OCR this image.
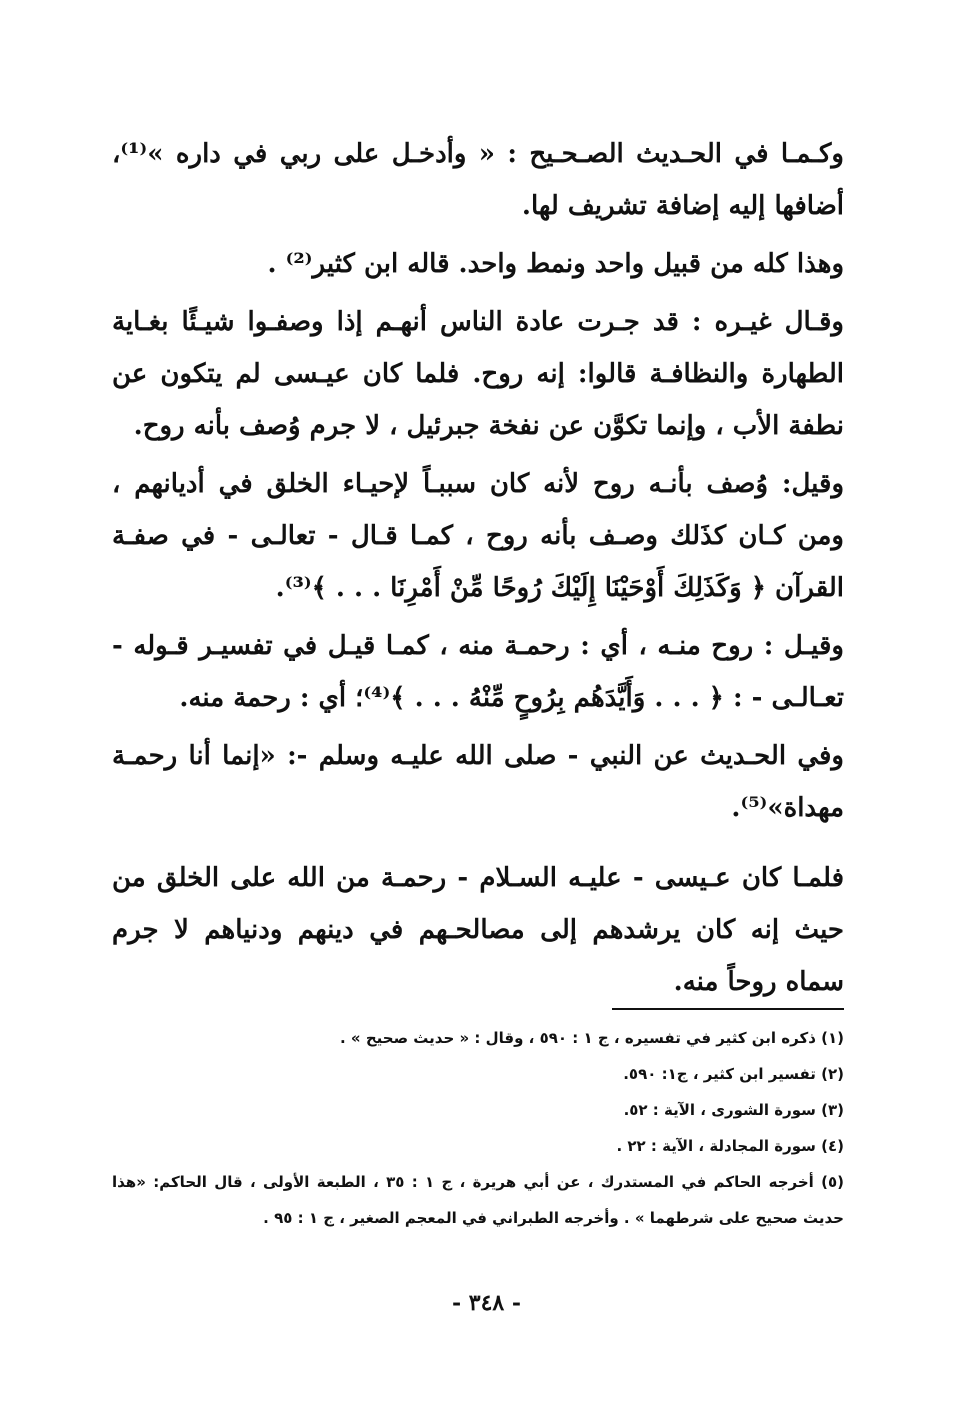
وكـمـا في الحـديث الصـحـيح : « وأدخـل على ربي في داره »⁽¹⁾، أضافها إليه إضافة تشريف لها.

وهذا كله من قبيل واحد ونمط واحد. قاله ابن كثير⁽²⁾ .

وقـال غيـره : قد جـرت عادة الناس أنهـم إذا وصفـوا شيـئًا بغـاية الطهارة والنظافـة قالوا: إنه روح. فلما كان عيـسى لم يتكون عن نطفة الأب ، وإنما تكوَّن عن نفخة جبرئيل ، لا جرم وُصف بأنه روح.

وقيل: وُصف بأنـه روح لأنه كان سببـاً لإحيـاء الخلق في أديانهم ، ومن كـان كذَلك وصـف بأنه روح ، كمـا قـال - تعالـى - في صفـة القرآن ﴿ وَكَذَلِكَ أَوْحَيْنَا إِلَيْكَ رُوحًا مِّنْ أَمْرِنَا . . . ﴾⁽³⁾.

وقيـل : روح منـه ، أي : رحمـة منه ، كمـا قيـل في تفسيـر قـوله - تعـالـى - : ﴿ . . . وَأَيَّدَهُم بِرُوحٍ مِّنْهُ . . . ﴾⁽⁴⁾؛ أي : رحمة منه.

وفي الحـديث عن النبي - صلى الله عليـه وسلم -: «إنما أنا رحمـة مهداة»⁽⁵⁾.

فلمـا كان عـيسى - عليـه السـلام - رحمـة من الله على الخلق من حيث إنه كان يرشدهم إلى مصالحـهم في دينهم ودنياهم لا جرم سماه روحاً منه.

(١) ذكره ابن كثير في تفسيره ، ج ١ : ٥٩٠ ، وقال : « حديث صحيح » .

(٢) تفسير ابن كثير ، ج١: ٥٩٠.

(٣) سورة الشورى ، الآية : ٥٢.

(٤) سورة المجادلة ، الآية : ٢٢ .

(٥) أخرجه الحاكم في المستدرك ، عن أبي هريرة ، ج ١ : ٣٥ ، الطبعة الأولى ، قال الحاكم: «هذا حديث صحيح على شرطهما » . وأخرجه الطبراني في المعجم الصغير ، ج ١ : ٩٥ .

- ٣٤٨ -
